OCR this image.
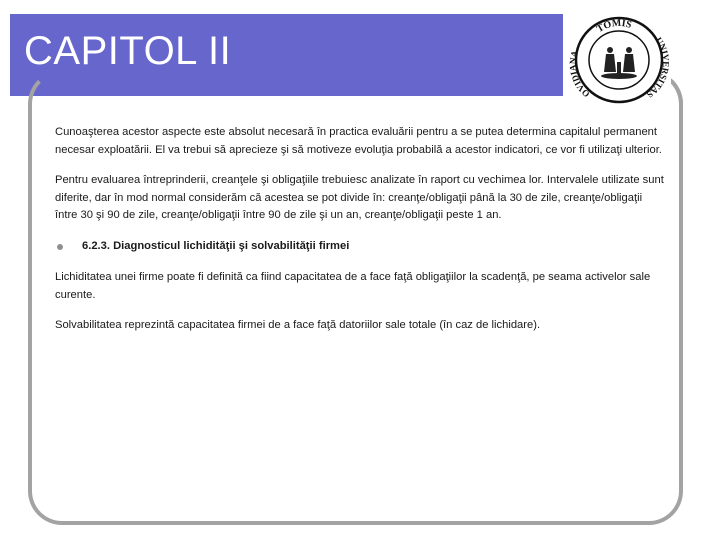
CAPITOL II
TOMIS
OVIDIANA
UNIVERSITAS

Cunoaşterea acestor aspecte este absolut necesară în practica evaluării pentru a se putea determina capitalul permanent necesar exploatării. El va trebui să aprecieze şi să motiveze evoluţia probabilă a acestor indicatori, ce vor fi utilizaţi ulterior.

Pentru evaluarea întreprinderii, creanţele şi obligaţiile trebuiesc analizate în raport cu vechimea lor. Intervalele utilizate sunt diferite, dar în mod normal considerăm că acestea se pot divide în: creanţe/obligaţii până la 30 de zile, creanţe/obligaţii între 30 şi 90 de zile, creanţe/obligaţii între 90 de zile şi un an, creanţe/obligaţii peste 1 an.

6.2.3. Diagnosticul lichidităţii şi solvabilităţii firmei

Lichiditatea unei firme poate fi definită ca fiind capacitatea de a face faţă obligaţiilor la scadenţă, pe seama activelor sale curente.

Solvabilitatea reprezintă capacitatea firmei de a face faţă datoriilor sale totale (în caz de lichidare).
